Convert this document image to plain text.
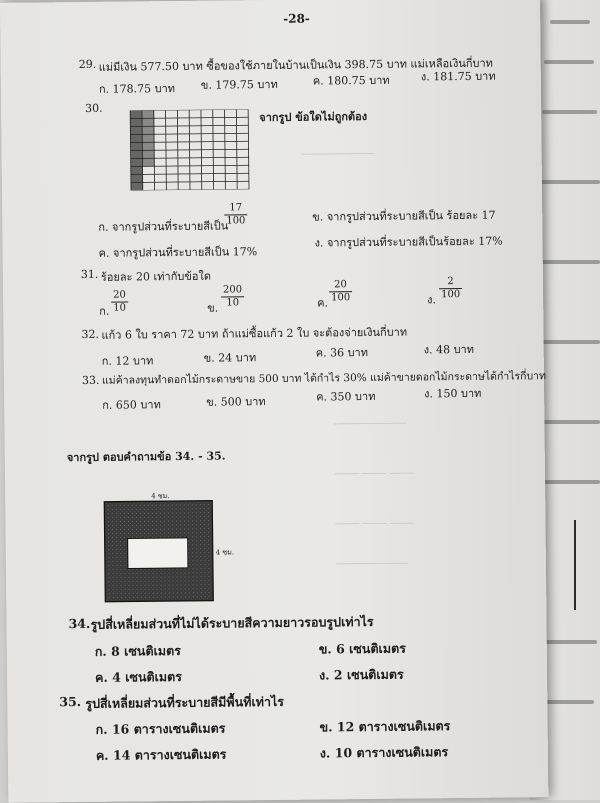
────────────
────────────
──── ──── ────
──── ──── ────
────────────
-28-
29. แม่มีเงิน 577.50 บาท ซื้อของใช้ภายในบ้านเป็นเงิน 398.75 บาท แม่เหลือเงินกี่บาท
ก. 178.75 บาท ข. 179.75 บาท	ค. 180.75 บาท	ง. 181.75 บาท
30.
จากรูป ข้อใดไม่ถูกต้อง
ก. จากรูปส่วนที่ระบายสีเป็น
17
100	ข. จากรูปส่วนที่ระบายสีเป็น ร้อยละ 17
ค. จากรูปส่วนที่ระบายสีเป็น 17%
ง. จากรูปส่วนที่ระบายสีเป็นร้อยละ 17%
31. ร้อยละ 20 เท่ากับข้อใด
ก.
20
10	ข.
200
10	ค.
20
100	ง.
2
100
32. แก้ว 6 ใบ ราคา 72 บาท ถ้าแม่ซื้อแก้ว 2 ใบ จะต้องจ่ายเงินกี่บาท
ก. 12 บาท	ข. 24 บาท	ค. 36 บาท	ง. 48 บาท
33. แม่ค้าลงทุนทำดอกไม้กระดาษขาย 500 บาท ได้กำไร 30% แม่ค้าขายดอกไม้กระดาษได้กำไรกี่บาท
ก. 650 บาท	ข. 500 บาท	ค. 350 บาท	ง. 150 บาท
จากรูป ตอบคำถามข้อ 34. - 35.
4 ซม.
4 ซม.
34. รูปสี่เหลี่ยมส่วนที่ไม่ได้ระบายสีความยาวรอบรูปเท่าไร
ก. 8 เซนติเมตร	ข. 6 เซนติเมตร
ค. 4 เซนติเมตร	ง. 2 เซนติเมตร
35. รูปสี่เหลี่ยมส่วนที่ระบายสีมีพื้นที่เท่าไร
ก. 16 ตารางเซนติเมตร	ข. 12 ตารางเซนติเมตร
ค. 14 ตารางเซนติเมตร	ง. 10 ตารางเซนติเมตร
